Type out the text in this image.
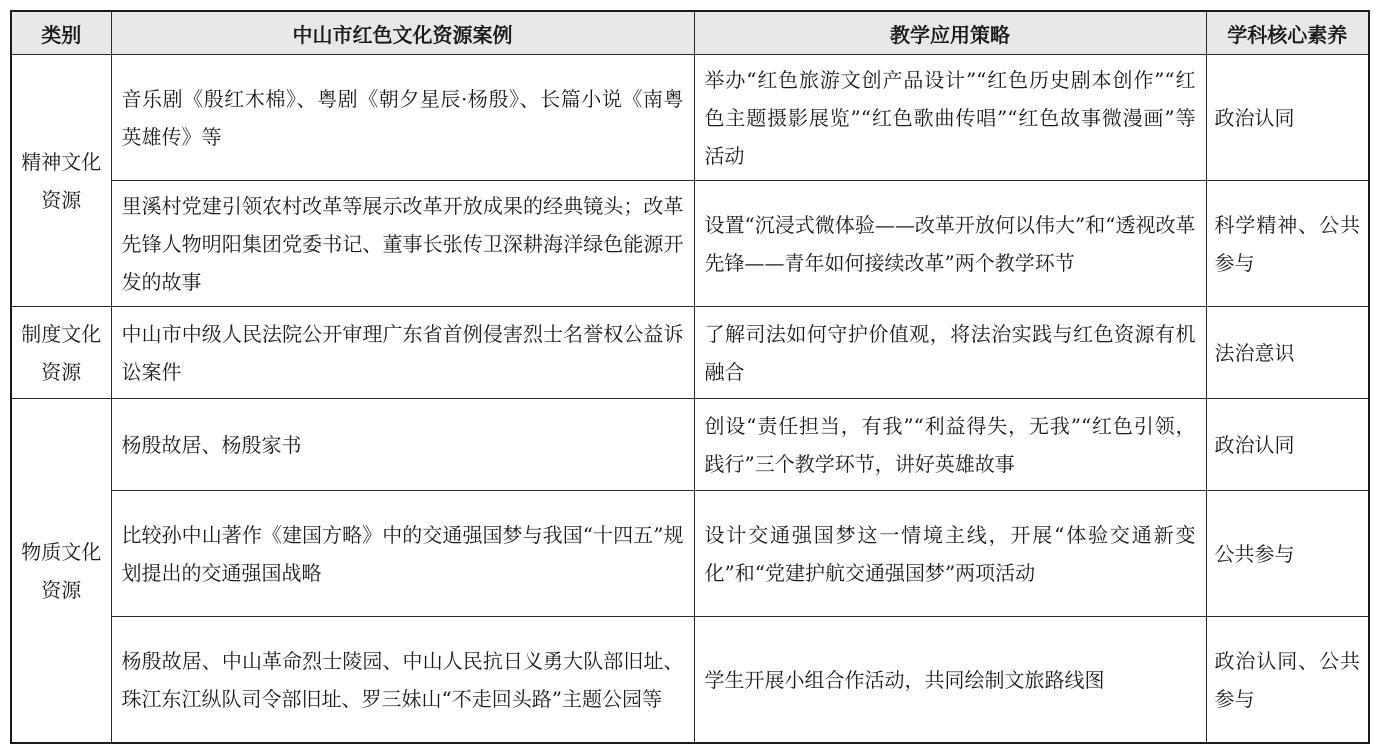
类别	中山市红色文化资源案例	教学应用策略	学科核心素养
精神文化资源	音乐剧《殷红木棉》、粤剧《朝夕星辰·杨殷》、长篇小说《南粤英雄传》等	举办“红色旅游文创产品设计”“红色历史剧本创作”“红色主题摄影展览”“红色歌曲传唱”“红色故事微漫画”等活动	政治认同
	里溪村党建引领农村改革等展示改革开放成果的经典镜头；改革先锋人物明阳集团党委书记、董事长张传卫深耕海洋绿色能源开发的故事	设置“沉浸式微体验——改革开放何以伟大”和“透视改革先锋——青年如何接续改革”两个教学环节	科学精神、公共参与
制度文化资源	中山市中级人民法院公开审理广东省首例侵害烈士名誉权公益诉讼案件	了解司法如何守护价值观，将法治实践与红色资源有机融合	法治意识
物质文化资源	杨殷故居、杨殷家书	创设“责任担当，有我”“利益得失，无我”“红色引领，践行”三个教学环节，讲好英雄故事	政治认同
	比较孙中山著作《建国方略》中的交通强国梦与我国“十四五”规划提出的交通强国战略	设计交通强国梦这一情境主线，开展“体验交通新变化”和“党建护航交通强国梦”两项活动	公共参与
	杨殷故居、中山革命烈士陵园、中山人民抗日义勇大队部旧址、珠江东江纵队司令部旧址、罗三妹山“不走回头路”主题公园等	学生开展小组合作活动，共同绘制文旅路线图	政治认同、公共参与
